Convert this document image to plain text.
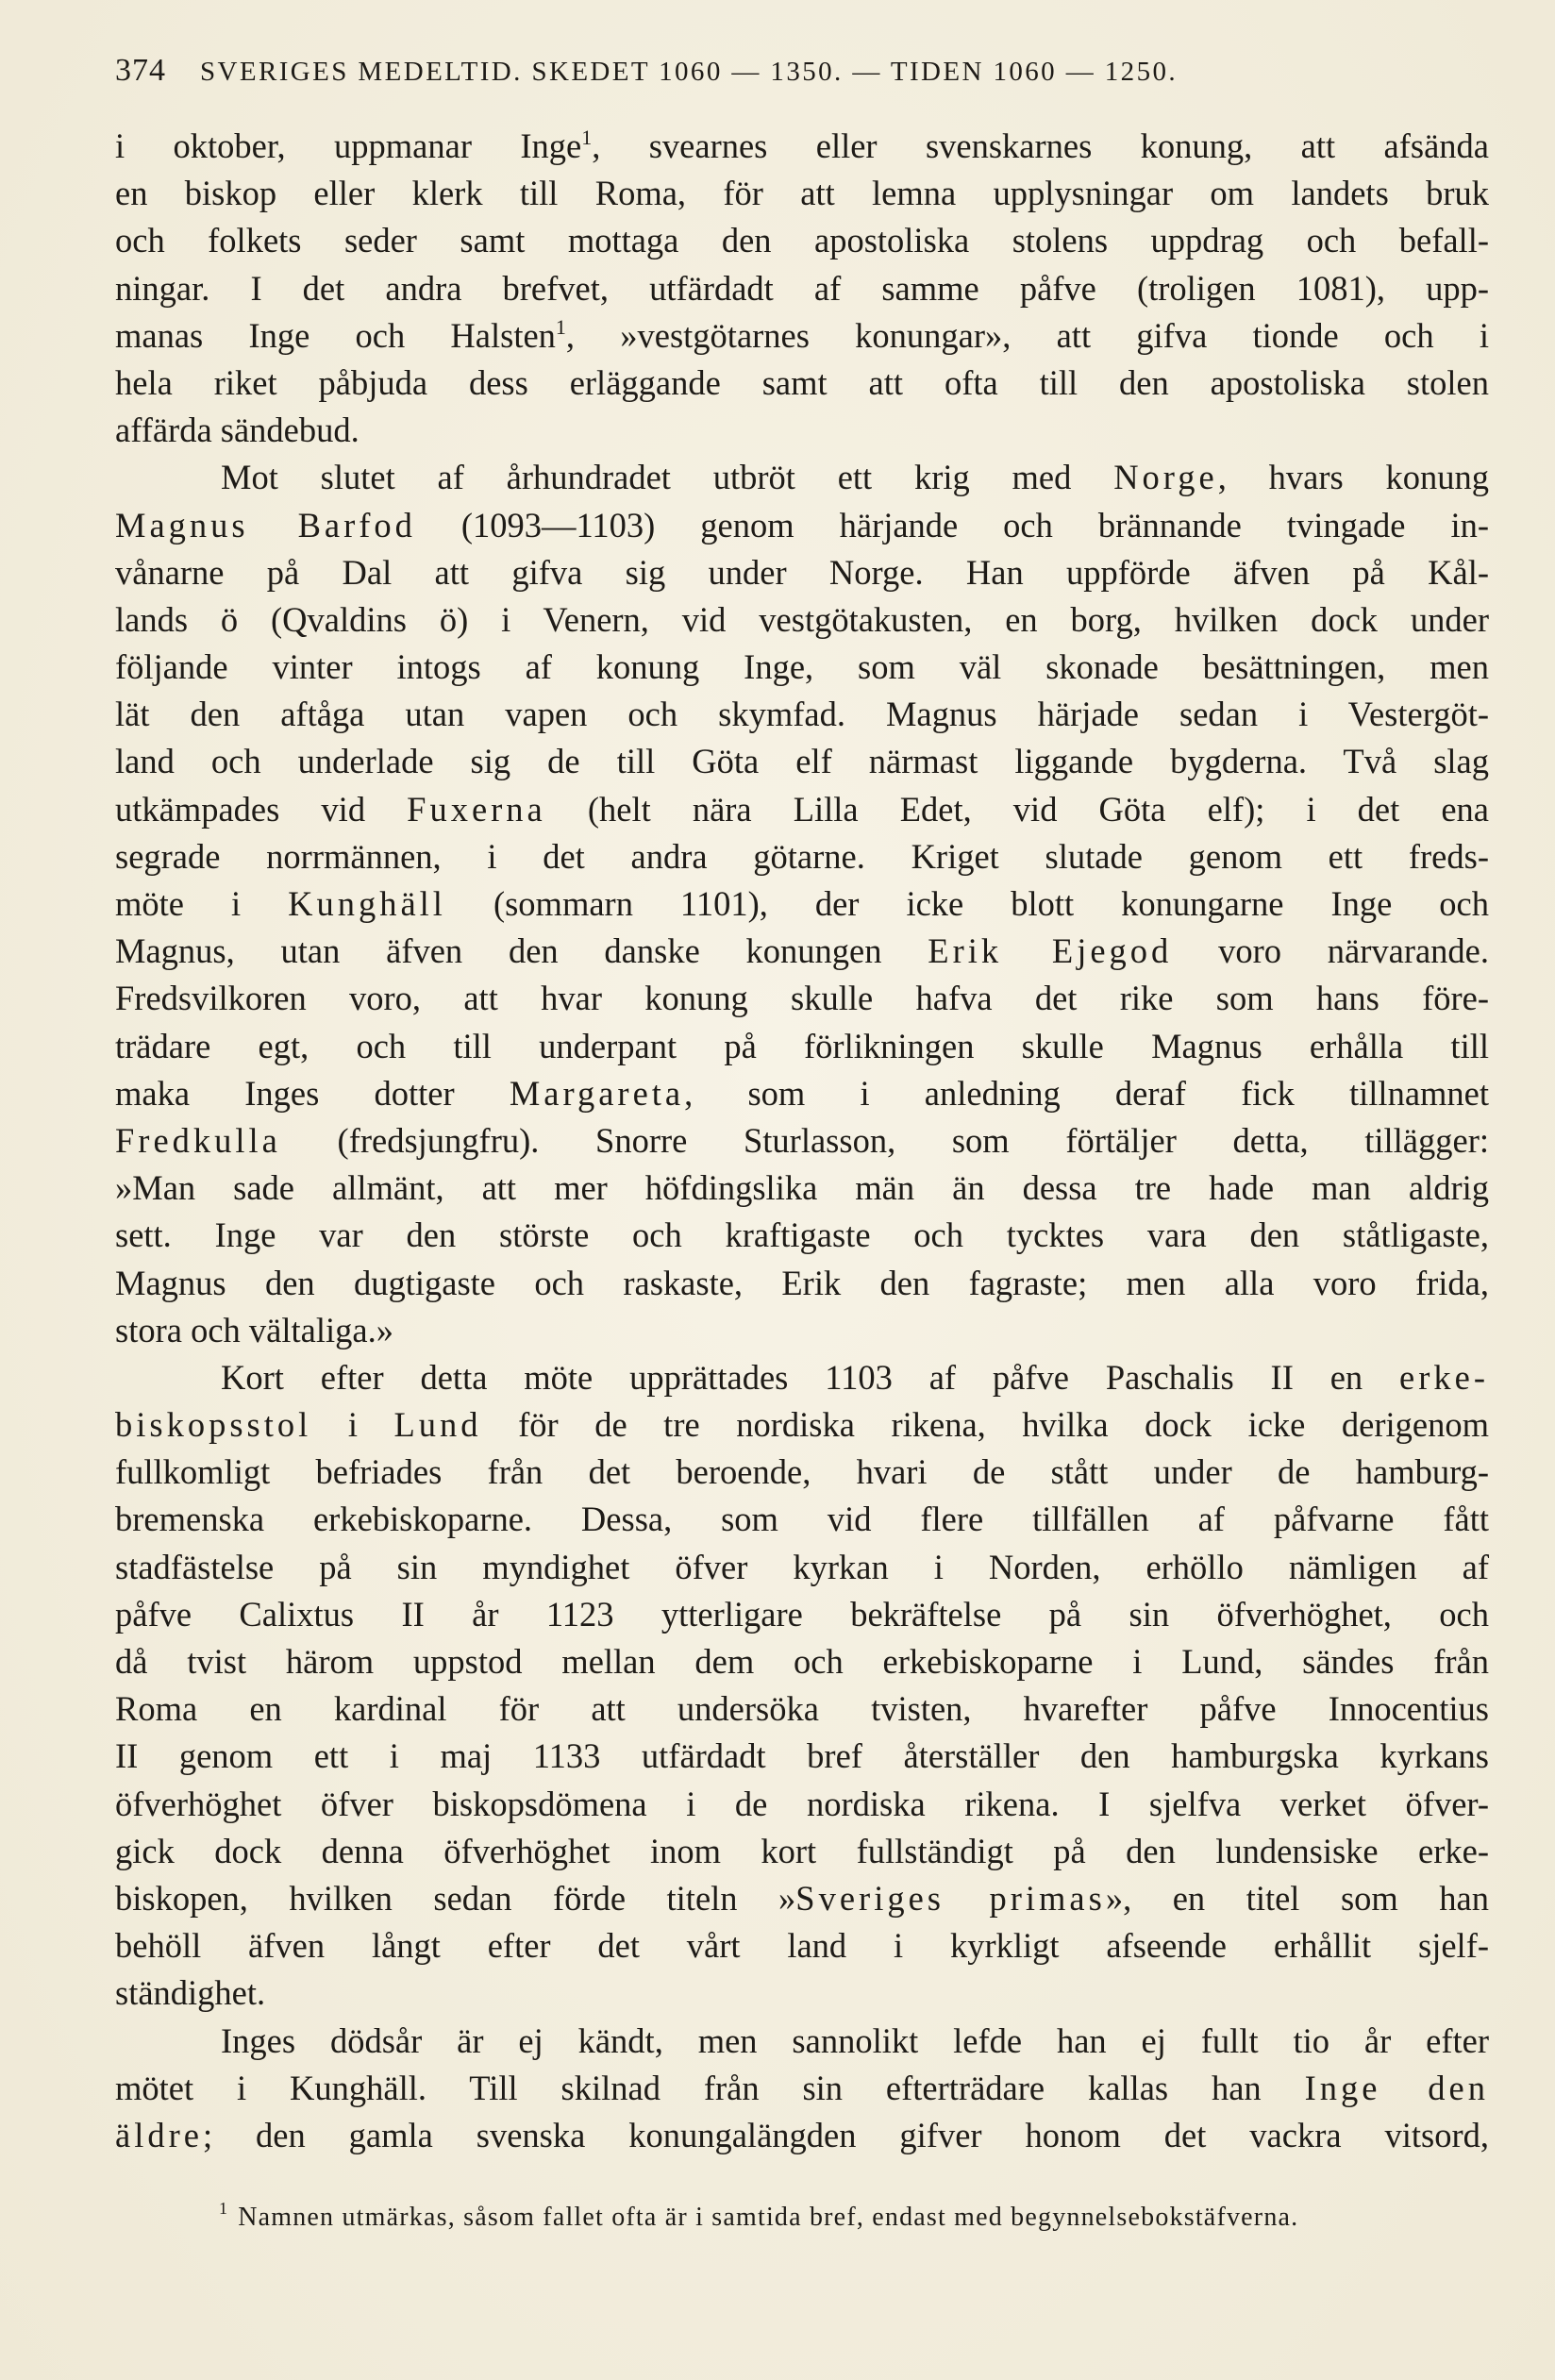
374 SVERIGES MEDELTID. SKEDET 1060 — 1350. — TIDEN 1060 — 1250.
i oktober, uppmanar Inge$^1$, svearnes eller svenskarnes konung, att afsända
en biskop eller klerk till Roma, för att lemna upplysningar om landets bruk
och folkets seder samt mottaga den apostoliska stolens uppdrag och befall-
ningar. I det andra brefvet, utfärdadt af samme påfve (troligen 1081), upp-
manas Inge och Halsten$^1$, »vestgötarnes konungar», att gifva tionde och i
hela riket påbjuda dess erläggande samt att ofta till den apostoliska stolen
affärda sändebud.
Mot slutet af århundradet utbröt ett krig med Norge, hvars konung
Magnus Barfod (1093—1103) genom härjande och brännande tvingade in-
vånarne på Dal att gifva sig under Norge. Han uppförde äfven på Kål-
lands ö (Qvaldins ö) i Venern, vid vestgötakusten, en borg, hvilken dock under
följande vinter intogs af konung Inge, som väl skonade besättningen, men
lät den aftåga utan vapen och skymfad. Magnus härjade sedan i Vestergöt-
land och underlade sig de till Göta elf närmast liggande bygderna. Två slag
utkämpades vid Fuxerna (helt nära Lilla Edet, vid Göta elf); i det ena
segrade norrmännen, i det andra götarne. Kriget slutade genom ett freds-
möte i Kunghäll (sommarn 1101), der icke blott konungarne Inge och
Magnus, utan äfven den danske konungen Erik Ejegod voro närvarande.
Fredsvilkoren voro, att hvar konung skulle hafva det rike som hans före-
trädare egt, och till underpant på förlikningen skulle Magnus erhålla till
maka Inges dotter Margareta, som i anledning deraf fick tillnamnet
Fredkulla (fredsjungfru). Snorre Sturlasson, som förtäljer detta, tillägger:
»Man sade allmänt, att mer höfdingslika män än dessa tre hade man aldrig
sett. Inge var den störste och kraftigaste och tycktes vara den ståtligaste,
Magnus den dugtigaste och raskaste, Erik den fagraste; men alla voro frida,
stora och vältaliga.»
Kort efter detta möte upprättades 1103 af påfve Paschalis II en erke-
biskopsstol i Lund för de tre nordiska rikena, hvilka dock icke derigenom
fullkomligt befriades från det beroende, hvari de stått under de hamburg-
bremenska erkebiskoparne. Dessa, som vid flere tillfällen af påfvarne fått
stadfästelse på sin myndighet öfver kyrkan i Norden, erhöllo nämligen af
påfve Calixtus II år 1123 ytterligare bekräftelse på sin öfverhöghet, och
då tvist härom uppstod mellan dem och erkebiskoparne i Lund, sändes från
Roma en kardinal för att undersöka tvisten, hvarefter påfve Innocentius
II genom ett i maj 1133 utfärdadt bref återställer den hamburgska kyrkans
öfverhöghet öfver biskopsdömena i de nordiska rikena. I sjelfva verket öfver-
gick dock denna öfverhöghet inom kort fullständigt på den lundensiske erke-
biskopen, hvilken sedan förde titeln »Sveriges primas», en titel som han
behöll äfven långt efter det vårt land i kyrkligt afseende erhållit sjelf-
ständighet.
Inges dödsår är ej kändt, men sannolikt lefde han ej fullt tio år efter
mötet i Kunghäll. Till skilnad från sin efterträdare kallas han Inge den
äldre; den gamla svenska konungalängden gifver honom det vackra vitsord,
$^1$ Namnen utmärkas, såsom fallet ofta är i samtida bref, endast med begynnelsebokstäfverna.
